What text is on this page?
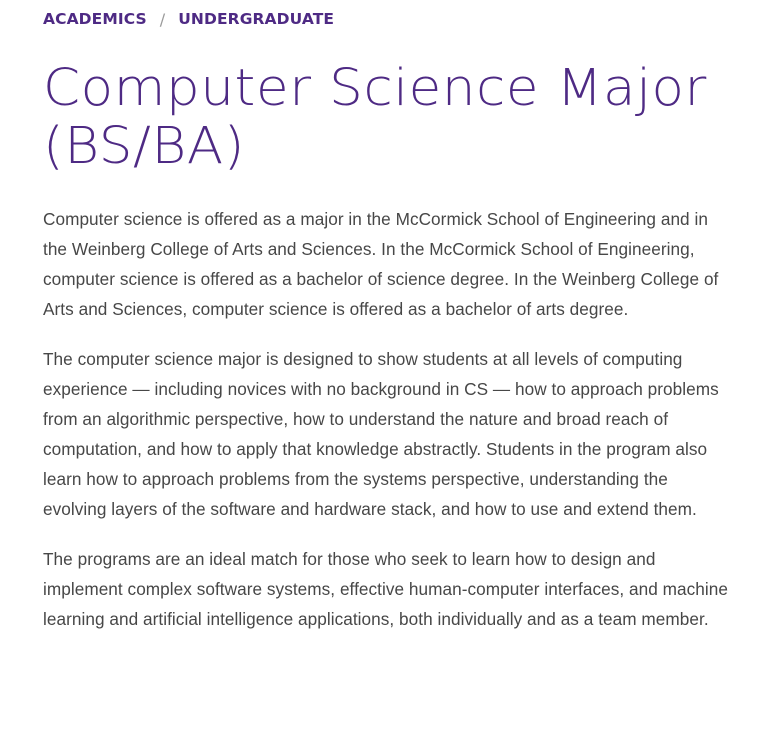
ACADEMICS / UNDERGRADUATE
Computer Science Major
(BS/BA)

Computer science is offered as a major in the McCormick School of Engineering and in the Weinberg College of Arts and Sciences. In the McCormick School of Engineering, computer science is offered as a bachelor of science degree. In the Weinberg College of Arts and Sciences, computer science is offered as a bachelor of arts degree.

The computer science major is designed to show students at all levels of computing experience — including novices with no background in CS — how to approach problems from an algorithmic perspective, how to understand the nature and broad reach of computation, and how to apply that knowledge abstractly. Students in the program also learn how to approach problems from the systems perspective, understanding the evolving layers of the software and hardware stack, and how to use and extend them.

The programs are an ideal match for those who seek to learn how to design and implement complex software systems, effective human-computer interfaces, and machine learning and artificial intelligence applications, both individually and as a team member.
